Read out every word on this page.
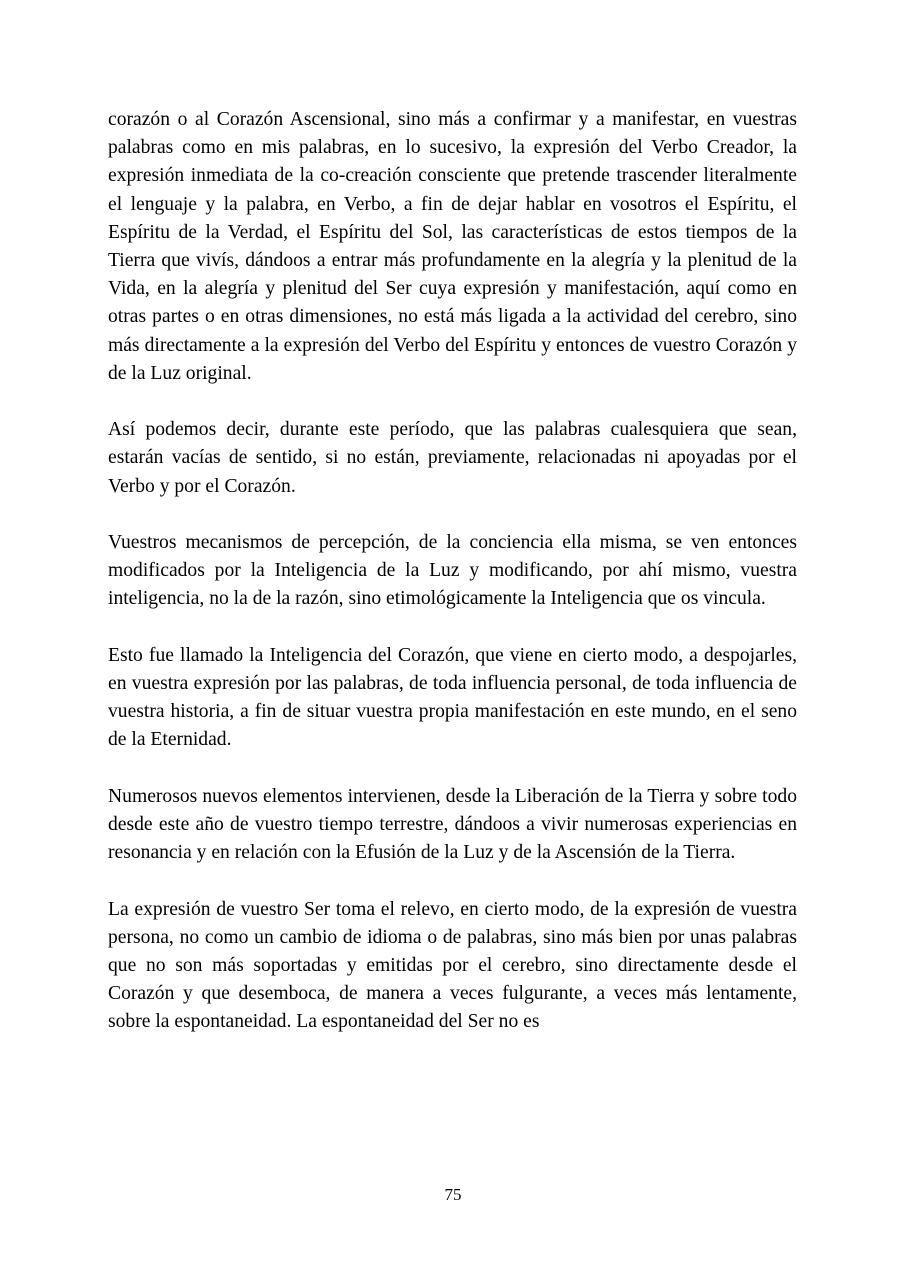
corazón o al Corazón Ascensional, sino más a confirmar y a manifestar, en vuestras palabras como en mis palabras, en lo sucesivo, la expresión del Verbo Creador, la expresión inmediata de la co-creación consciente que pretende trascender literalmente el lenguaje y la palabra, en Verbo, a fin de dejar hablar en vosotros el Espíritu, el Espíritu de la Verdad, el Espíritu del Sol, las características de estos tiempos de la Tierra que vivís, dándoos a entrar más profundamente en la alegría y la plenitud de la Vida, en la alegría y plenitud del Ser cuya expresión y manifestación, aquí como en otras partes o en otras dimensiones, no está más ligada a la actividad del cerebro, sino más directamente a la expresión del Verbo del Espíritu y entonces de vuestro Corazón y de la Luz original.

Así podemos decir, durante este período, que las palabras cualesquiera que sean, estarán vacías de sentido, si no están, previamente, relacionadas ni apoyadas por el Verbo y por el Corazón.

Vuestros mecanismos de percepción, de la conciencia ella misma, se ven entonces modificados por la Inteligencia de la Luz y modificando, por ahí mismo, vuestra inteligencia, no la de la razón, sino etimológicamente la Inteligencia que os vincula.

Esto fue llamado la Inteligencia del Corazón, que viene en cierto modo, a despojarles, en vuestra expresión por las palabras, de toda influencia personal, de toda influencia de vuestra historia, a fin de situar vuestra propia manifestación en este mundo, en el seno de la Eternidad.

Numerosos nuevos elementos intervienen, desde la Liberación de la Tierra y sobre todo desde este año de vuestro tiempo terrestre, dándoos a vivir numerosas experiencias en resonancia y en relación con la Efusión de la Luz y de la Ascensión de la Tierra.

La expresión de vuestro Ser toma el relevo, en cierto modo, de la expresión de vuestra persona, no como un cambio de idioma o de palabras, sino más bien por unas palabras que no son más soportadas y emitidas por el cerebro, sino directamente desde el Corazón y que desemboca, de manera a veces fulgurante, a veces más lentamente, sobre la espontaneidad. La espontaneidad del Ser no es

75
